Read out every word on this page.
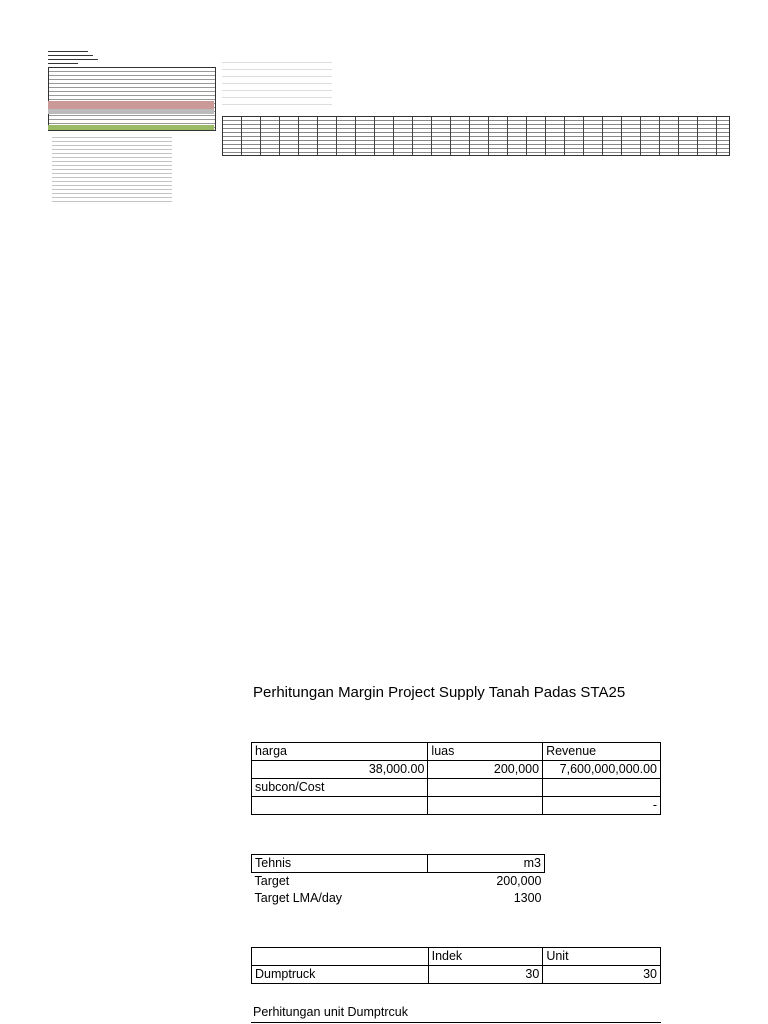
Perhitungan Margin Project Supply Tanah Padas STA25
harga	luas	Revenue
38,000.00	200,000	7,600,000,000.00
subcon/Cost		
		-
Tehnis	m3
Target	200,000
Target LMA/day	1300
	Indek	Unit
Dumptruck	30	30
Perhitungan unit Dumptrcuk
